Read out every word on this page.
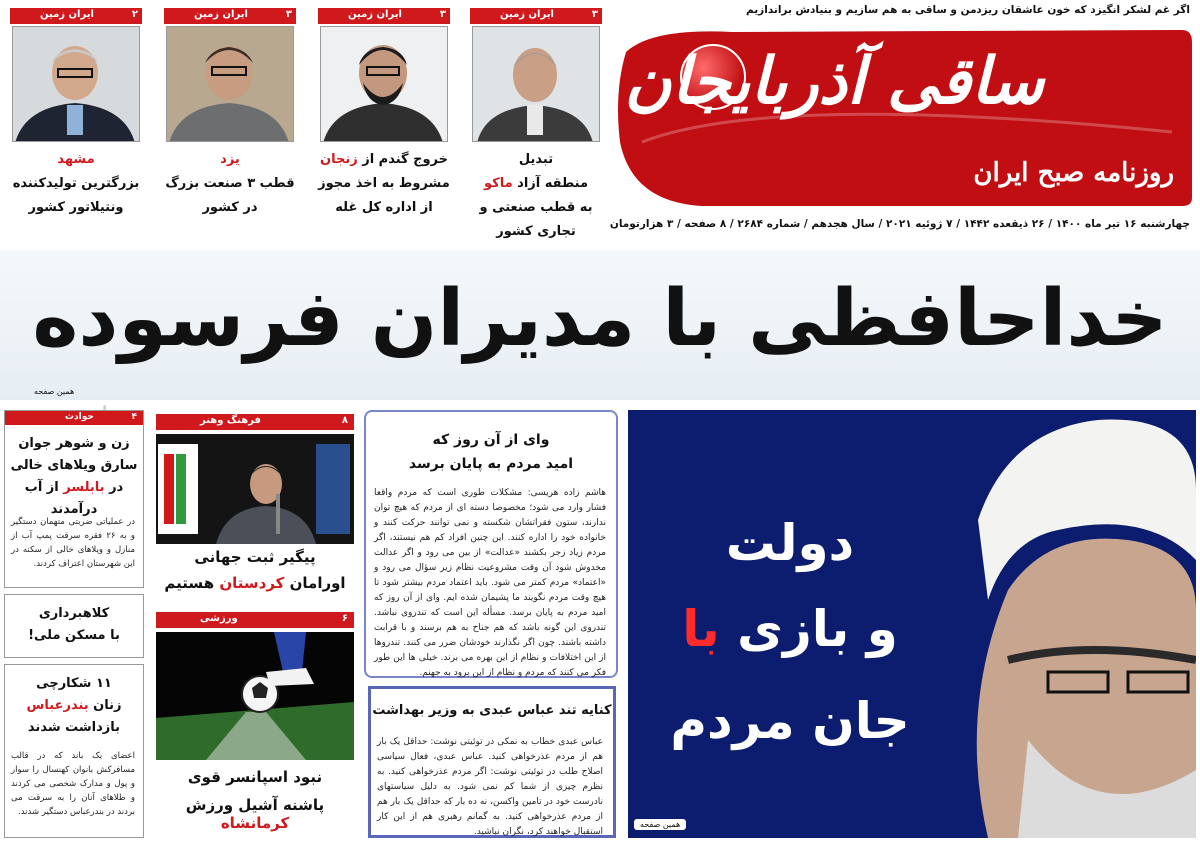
اگر غم لشکر انگیزد که خون عاشقان ریزد
من و ساقی به هم سازیم و بنیادش براندازیم
ساقی آذربایجان
روزنامه صبح ایران
چهارشنبه ۱۶ تیر ماه ۱۴۰۰ / ۲۶ ذیقعده ۱۴۴۲ / ۷ ژوئیه ۲۰۲۱ / سال هجدهم / شماره ۲۶۸۴ / ۸ صفحه / ۳ هزارتومان
۳
ایران زمین
تبدیل
منطقه آزاد ماکو
به قطب صنعتی و تجاری کشور
۳
ایران زمین
خروج گندم از زنجان
مشروط به اخذ مجوز
از اداره کل غله
۳
ایران زمین
یزد
قطب ۳ صنعت بزرگ
در کشور
۲
ایران زمین
مشهد
بزرگترین تولیدکننده
ونتیلاتور کشور
خداحافظی با مدیران فرسوده
همین صفحه
دولت
و بازی با
جان مردم
همین صفحه
وای از آن روز که
امید مردم به پایان برسد
هاشم زاده هریسی: مشکلات طوری است که مردم واقعا فشار وارد می شود؛ مخصوصا دسته ای از مردم که هیچ توان ندارند، ستون فقراتشان شکسته و نمی توانند حرکت کنند و خانواده خود را اداره کنند. این چنین افراد کم هم نیستند، اگر مردم زیاد زجر بکشند «عدالت» از بین می رود و اگر عدالت مخدوش شود آن وقت مشروعیت نظام زیر سؤال می رود و «اعتماد» مردم کمتر می شود. باید اعتماد مردم بیشتر شود تا هیچ وقت مردم نگویند ما پشیمان شده ایم. وای از آن روز که امید مردم به پایان برسد. مسأله این است که تندروی نباشد. تندروی این گونه باشد که هم جناح به هم برسند و با قرابت داشته باشند. چون اگر نگذارند خودشان ضرر می کنند. تندروها از این اختلافات و نظام از این بهره می برند. خیلی ها این طور فکر می کنند که مردم و نظام از این برود به جهنم.
کنایه تند عباس عبدی به وزیر بهداشت
عباس عبدی خطاب به نمکی در توئیتی نوشت: حداقل یک بار هم از مردم عذرخواهی کنید. عباس عبدی، فعال سیاسی اصلاح طلب در توئیتی نوشت: اگر مردم عذرخواهی کنید. به نظرم چیزی از شما کم نمی شود. به دلیل سیاستهای نادرست خود در تامین واکسن، نه ده بار که حداقل یک بار هم از مردم عذرخواهی کنید. به گمانم رهبری هم از این کار استقبال خواهند کرد، نگران نباشید.
۸
فرهنگ وهنر
پیگیر ثبت جهانی
اورامان کردستان هستیم
۶
ورزشی
نبود اسپانسر قوی
پاشنه آشیل ورزش کرمانشاه
۴
حوادث
زن و شوهر جوان
سارق ویلاهای خالی
در بابلسر از آب درآمدند
در عملیاتی ضربتی متهمان دستگیر و به ۲۶ فقره سرقت پمپ آب از منازل و ویلاهای خالی از سکنه در این شهرستان اعتراف کردند.
کلاهبرداری
با مسکن ملی!
۱۱ شکارچی
زنان بندرعباس
بازداشت شدند
اعضای یک باند که در قالب مسافرکش بانوان کهنسال را سوار و پول و مدارک شخصی می کردند و طلاهای آنان را به سرقت می بردند در بندرعباس دستگیر شدند.
